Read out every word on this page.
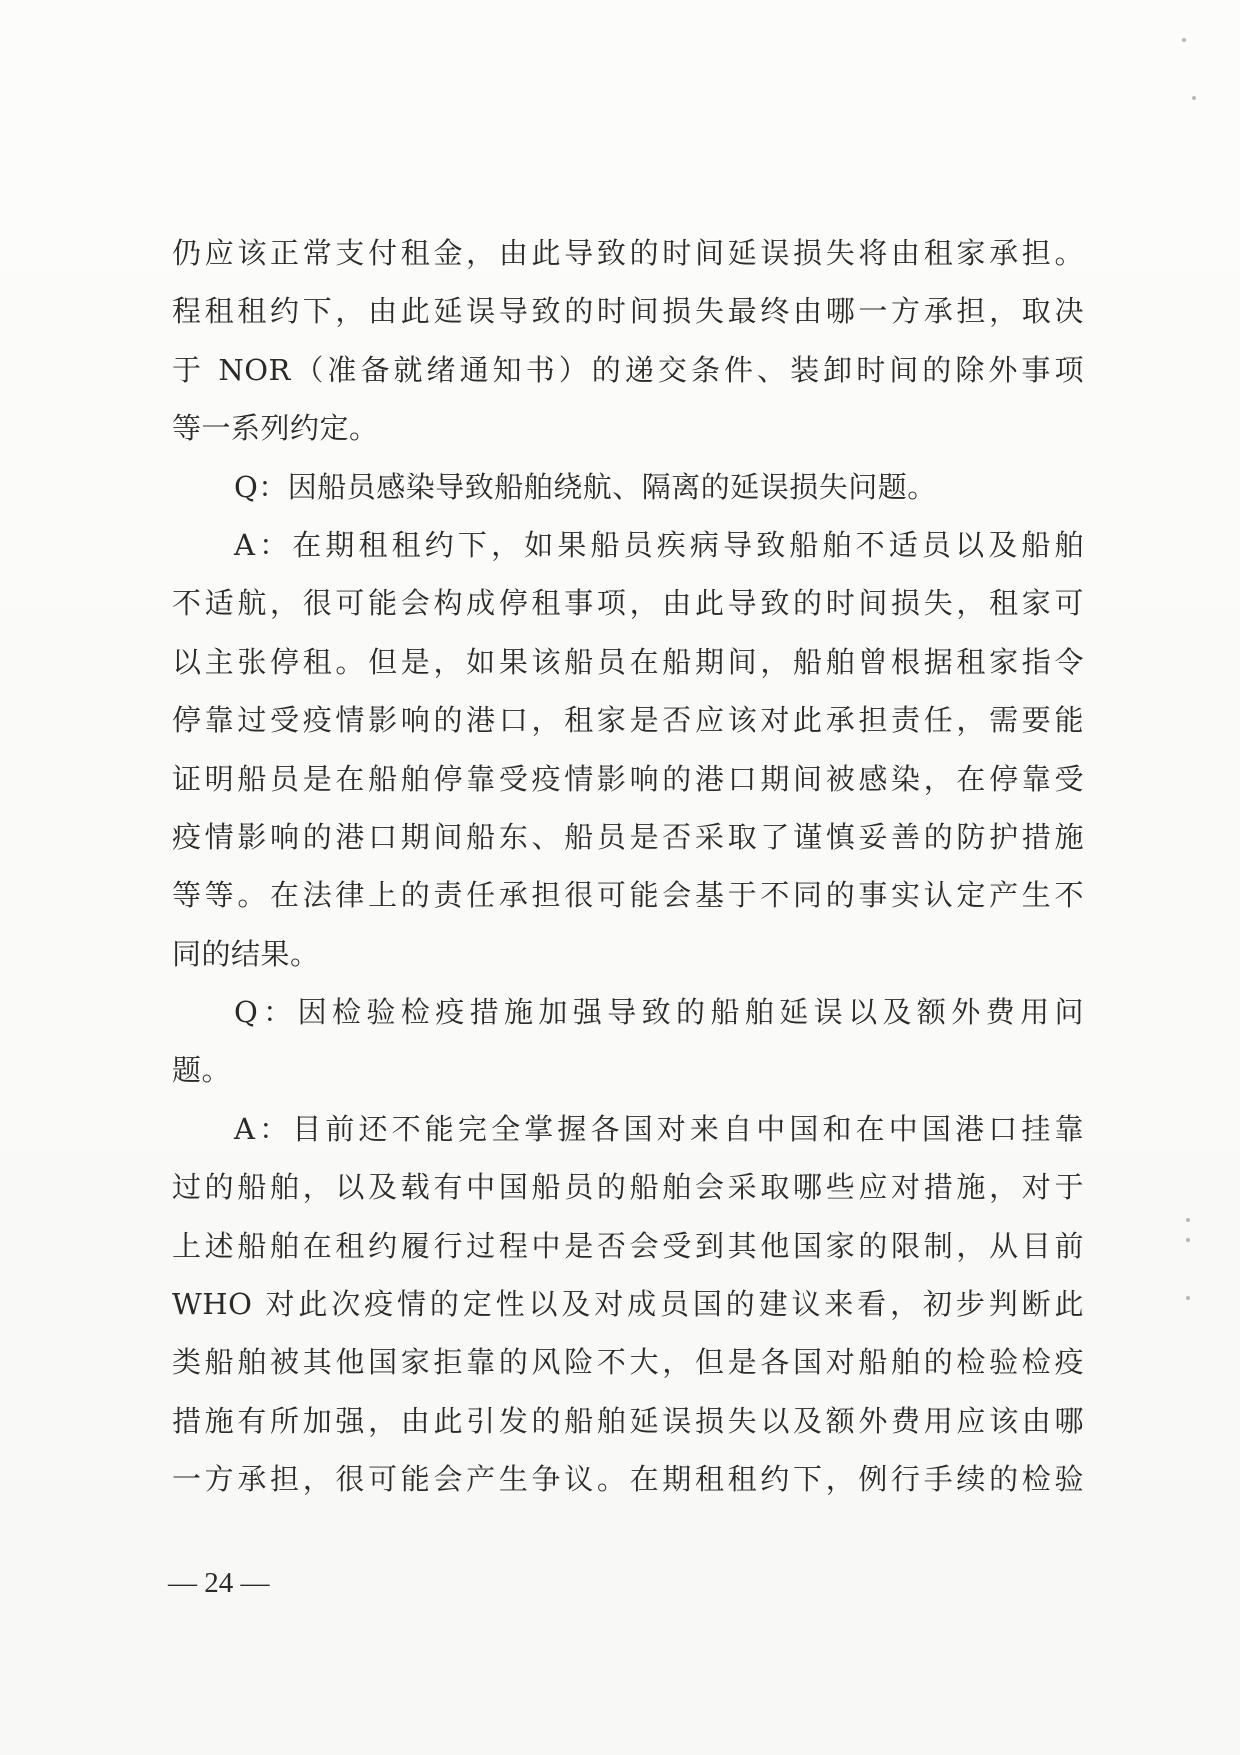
仍应该正常支付租金，由此导致的时间延误损失将由租家承担。
程租租约下，由此延误导致的时间损失最终由哪一方承担，取决
于 NOR（准备就绪通知书）的递交条件、装卸时间的除外事项
等一系列约定。
Q：因船员感染导致船舶绕航、隔离的延误损失问题。
A：在期租租约下，如果船员疾病导致船舶不适员以及船舶
不适航，很可能会构成停租事项，由此导致的时间损失，租家可
以主张停租。但是，如果该船员在船期间，船舶曾根据租家指令
停靠过受疫情影响的港口，租家是否应该对此承担责任，需要能
证明船员是在船舶停靠受疫情影响的港口期间被感染，在停靠受
疫情影响的港口期间船东、船员是否采取了谨慎妥善的防护措施
等等。在法律上的责任承担很可能会基于不同的事实认定产生不
同的结果。
Q：因检验检疫措施加强导致的船舶延误以及额外费用问
题。
A：目前还不能完全掌握各国对来自中国和在中国港口挂靠
过的船舶，以及载有中国船员的船舶会采取哪些应对措施，对于
上述船舶在租约履行过程中是否会受到其他国家的限制，从目前
WHO 对此次疫情的定性以及对成员国的建议来看，初步判断此
类船舶被其他国家拒靠的风险不大，但是各国对船舶的检验检疫
措施有所加强，由此引发的船舶延误损失以及额外费用应该由哪
一方承担，很可能会产生争议。在期租租约下，例行手续的检验
— 24 —
